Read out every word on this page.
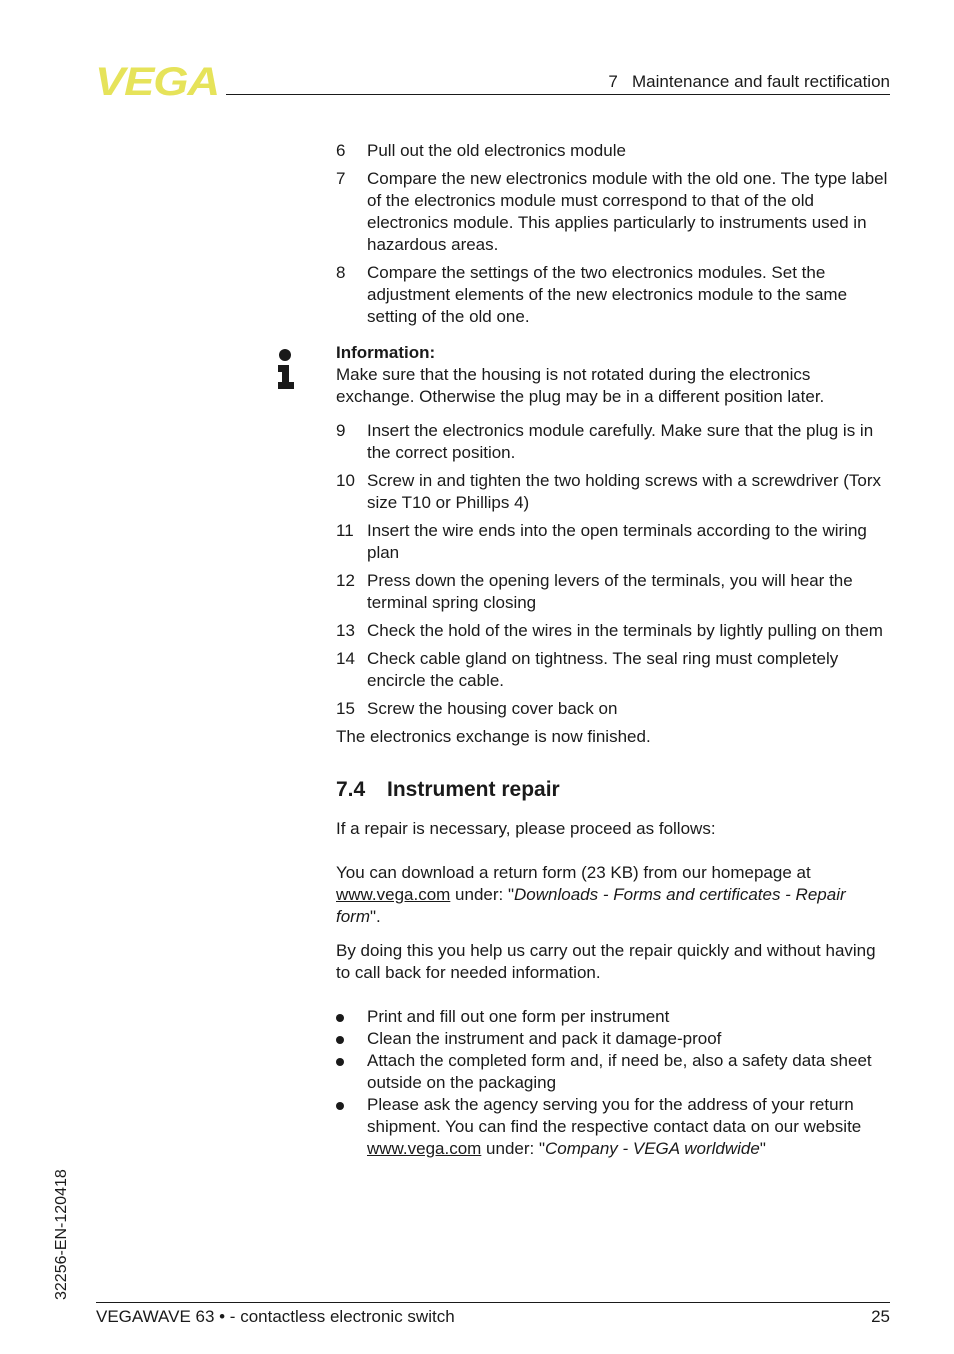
VEGA	7   Maintenance and fault rectification
6 Pull out the old electronics module
7 Compare the new electronics module with the old one. The type label of the electronics module must correspond to that of the old electronics module. This applies particularly to instruments used in hazardous areas.
8 Compare the settings of the two electronics modules. Set the adjustment elements of the new electronics module to the same setting of the old one.
Information:
Make sure that the housing is not rotated during the electronics exchange. Otherwise the plug may be in a different position later.
9 Insert the electronics module carefully. Make sure that the plug is in the correct position.
10 Screw in and tighten the two holding screws with a screwdriver (Torx size T10 or Phillips 4)
11 Insert the wire ends into the open terminals according to the wiring plan
12 Press down the opening levers of the terminals, you will hear the terminal spring closing
13 Check the hold of the wires in the terminals by lightly pulling on them
14 Check cable gland on tightness. The seal ring must completely encircle the cable.
15 Screw the housing cover back on

The electronics exchange is now finished.

7.4 Instrument repair

If a repair is necessary, please proceed as follows:

You can download a return form (23 KB) from our homepage at www.vega.com under: "Downloads - Forms and certificates - Repair form".

By doing this you help us carry out the repair quickly and without having to call back for needed information.

Print and fill out one form per instrument
Clean the instrument and pack it damage-proof
Attach the completed form and, if need be, also a safety data sheet outside on the packaging
Please ask the agency serving you for the address of your return shipment. You can find the respective contact data on our website www.vega.com under: "Company - VEGA worldwide"
32256-EN-120418
VEGAWAVE 63 • - contactless electronic switch	25
